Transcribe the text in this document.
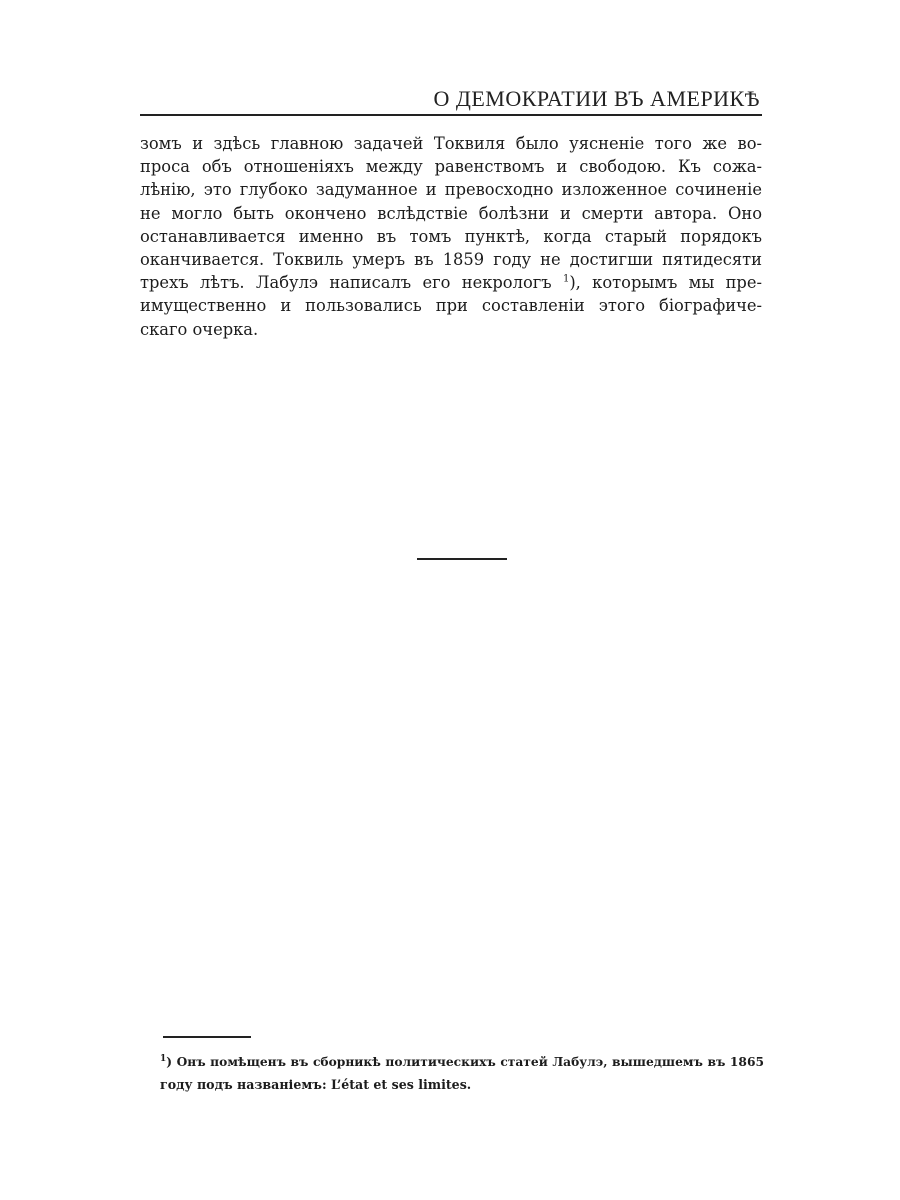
О ДЕМОКРАТИИ ВЪ АМЕРИКѢ
зомъ и здѣсь главною задачей Токвиля было уясненіе того же во-
проса объ отношеніяхъ между равенствомъ и свободою. Къ сожа-
лѣнію, это глубоко задуманное и превосходно изложенное сочиненіе
не могло быть окончено вслѣдствіе болѣзни и смерти автора. Оно
останавливается именно въ томъ пунктѣ, когда старый порядокъ
оканчивается. Токвиль умеръ въ 1859 году не достигши пятидесяти
трехъ лѣтъ. Лабулэ написалъ его некрологъ $^1$), которымъ мы пре-
имущественно и пользовались при составленіи этого біографиче-
скаго очерка.
$^1$) Онъ помѣщенъ въ сборникѣ политическихъ статей Лабулэ, вышедшемъ въ 1865
году подъ названіемъ: L’état et ses limites.
